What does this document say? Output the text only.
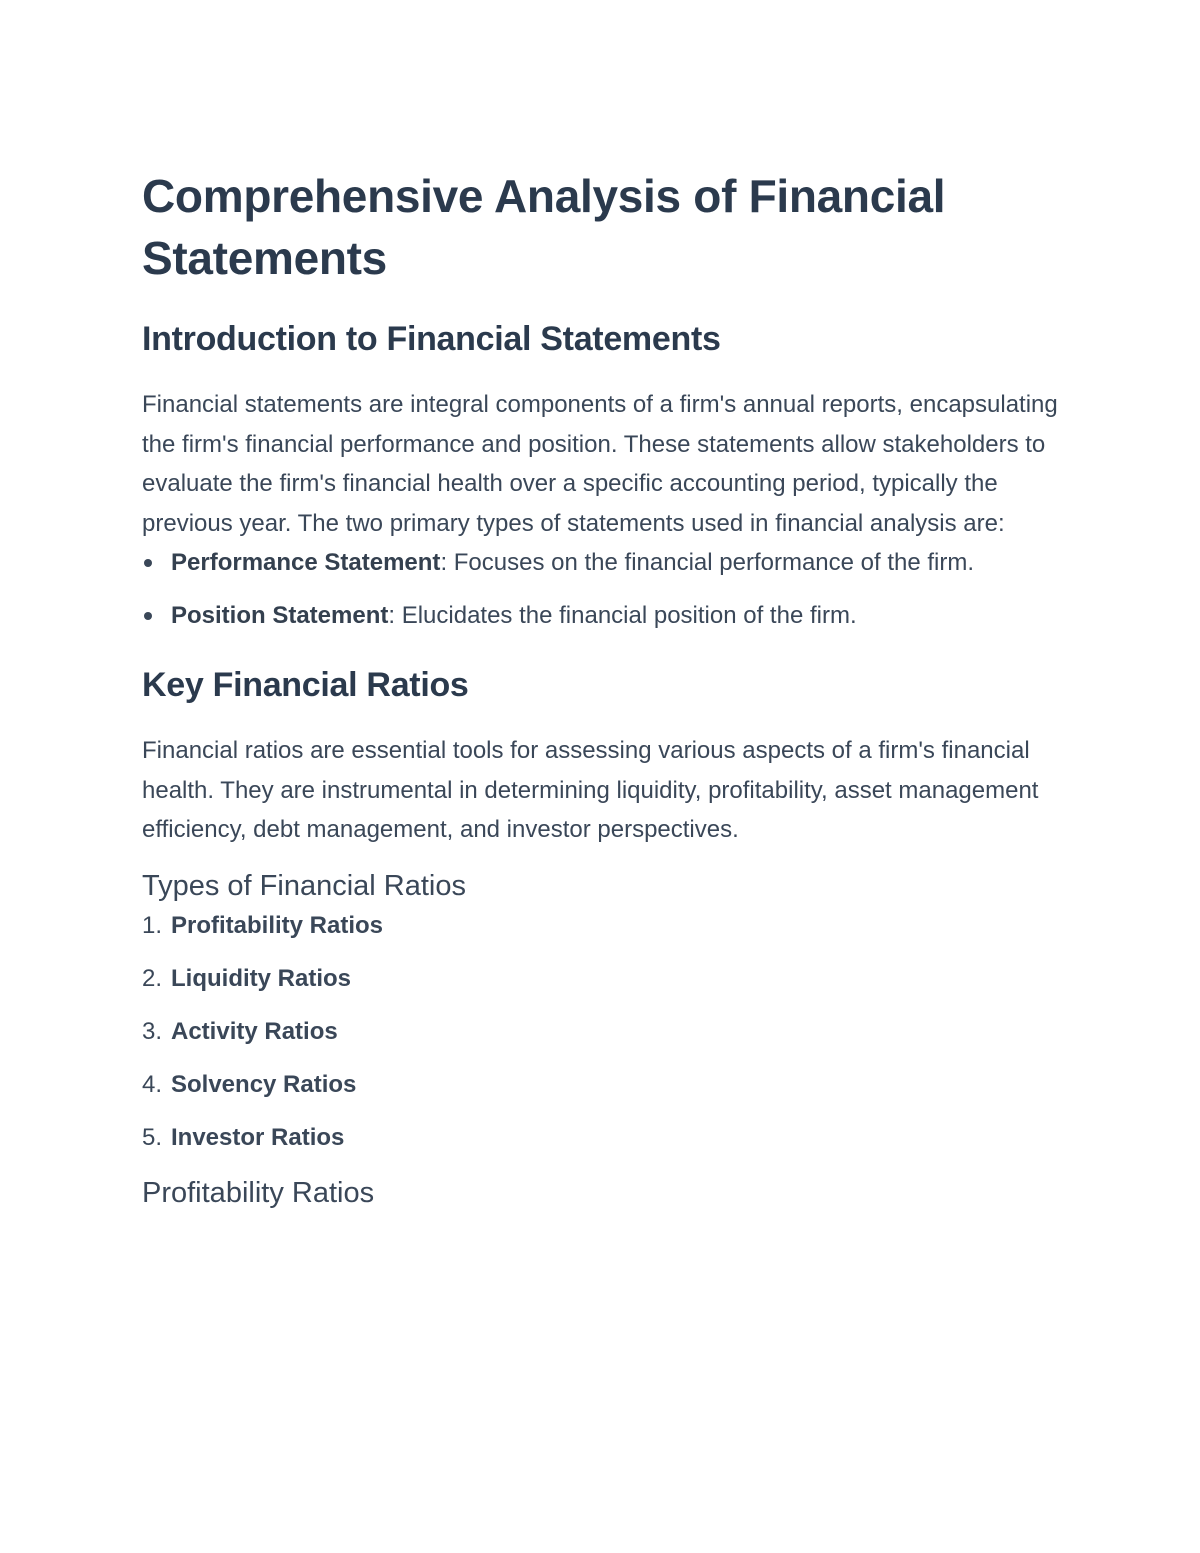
Comprehensive Analysis of Financial Statements
Introduction to Financial Statements

Financial statements are integral components of a firm's annual reports, encapsulating the firm's financial performance and position. These statements allow stakeholders to evaluate the firm's financial health over a specific accounting period, typically the previous year. The two primary types of statements used in financial analysis are:

Performance Statement: Focuses on the financial performance of the firm.
Position Statement: Elucidates the financial position of the firm.
Key Financial Ratios

Financial ratios are essential tools for assessing various aspects of a firm's financial health. They are instrumental in determining liquidity, profitability, asset management efficiency, debt management, and investor perspectives.

Types of Financial Ratios
1. Profitability Ratios
2. Liquidity Ratios
3. Activity Ratios
4. Solvency Ratios
5. Investor Ratios
Profitability Ratios
